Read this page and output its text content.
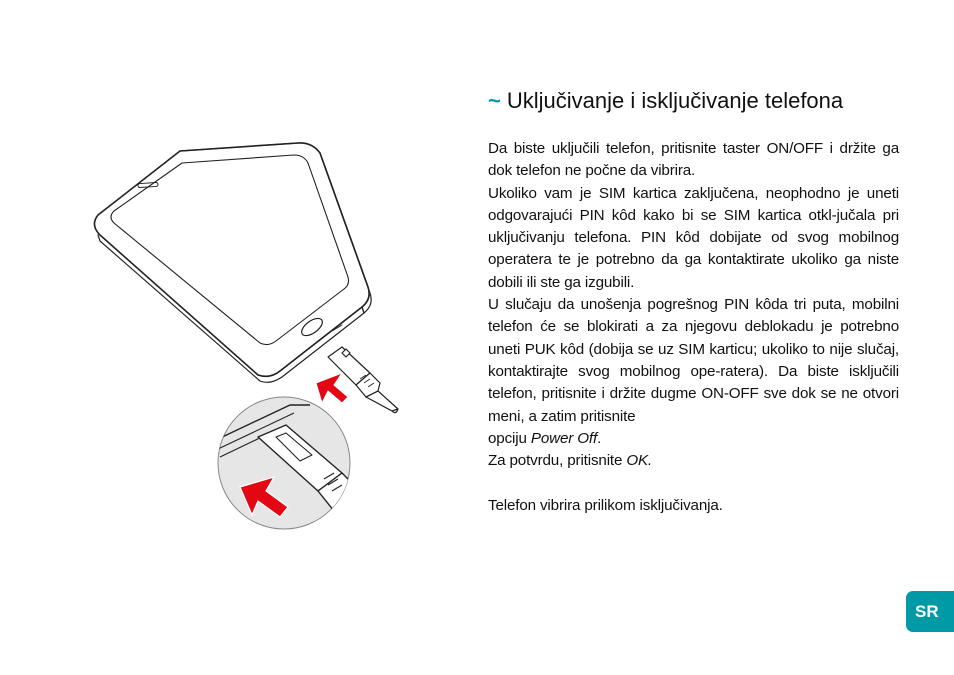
~ Uključivanje i isključivanje telefona

Da biste uključili telefon, pritisnite taster ON/OFF i držite ga dok telefon ne počne da vibrira.

Ukoliko vam je SIM kartica zaključena, neophodno je uneti odgovarajući PIN kôd kako bi se SIM kartica otkl-jučala pri uključivanju telefona. PIN kôd dobijate od svog mobilnog operatera te je potrebno da ga kontaktirate ukoliko ga niste dobili ili ste ga izgubili.

U slučaju da unošenja pogrešnog PIN kôda tri puta, mobilni telefon će se blokirati a za njegovu deblokadu je potrebno uneti PUK kôd (dobija se uz SIM karticu; ukoliko to nije slučaj, kontaktirajte svog mobilnog ope-ratera). Da biste isključili telefon, pritisnite i držite dugme ON-OFF sve dok se ne otvori meni, a zatim pritisnite

opciju Power Off.

Za potvrdu, pritisnite OK.

Telefon vibrira prilikom isključivanja.

SR
